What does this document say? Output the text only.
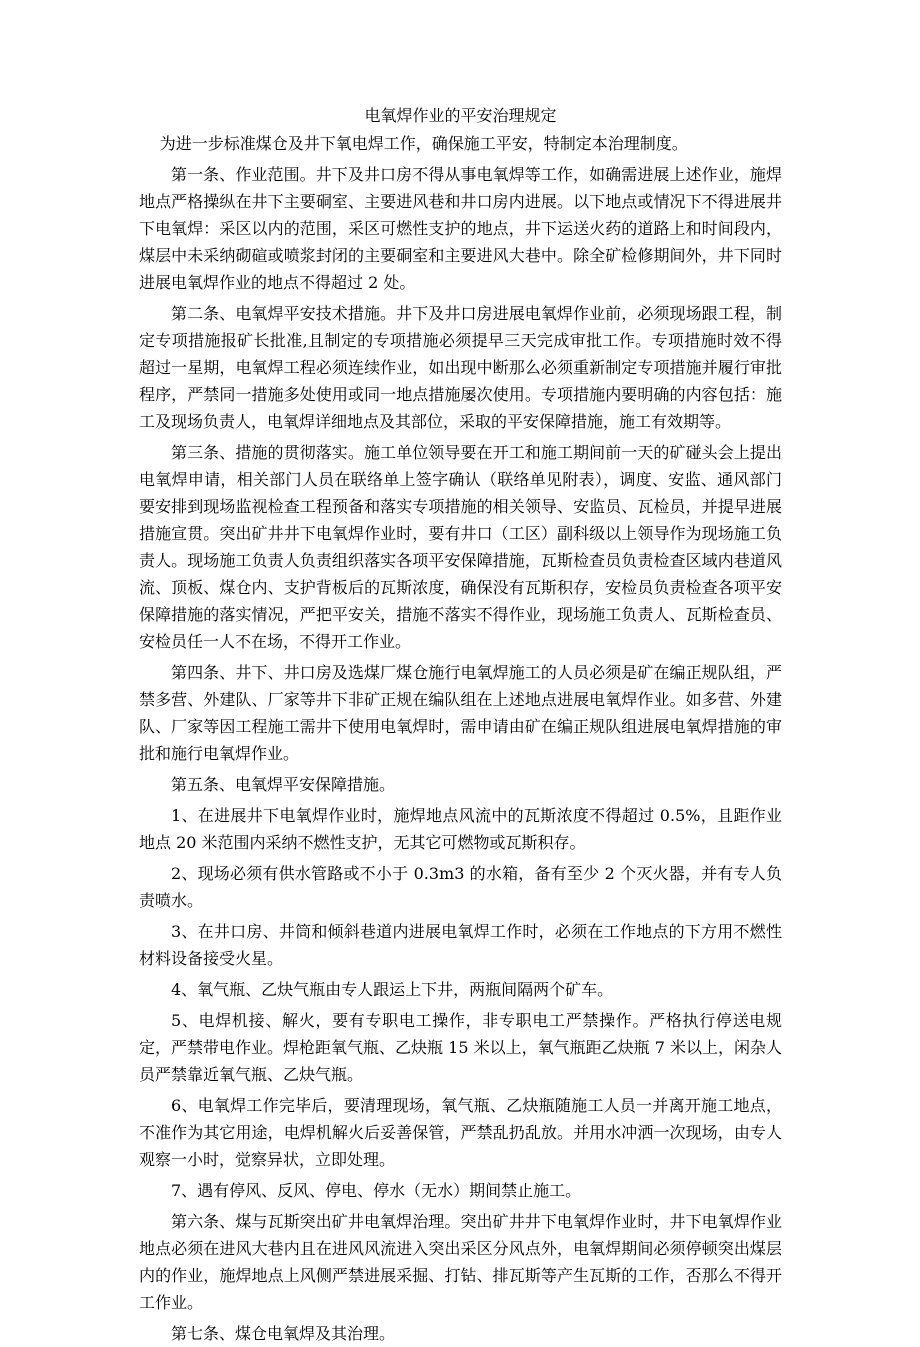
电氧焊作业的平安治理规定

为进一步标准煤仓及井下氧电焊工作，确保施工平安，特制定本治理制度。

第一条、作业范围。井下及井口房不得从事电氧焊等工作，如确需进展上述作业，施焊地点严格操纵在井下主要硐室、主要进风巷和井口房内进展。以下地点或情况下不得进展井下电氧焊：采区以内的范围，采区可燃性支护的地点，井下运送火药的道路上和时间段内，煤层中未采纳砌碹或喷浆封闭的主要硐室和主要进风大巷中。除全矿检修期间外，井下同时进展电氧焊作业的地点不得超过 2 处。

第二条、电氧焊平安技术措施。井下及井口房进展电氧焊作业前，必须现场跟工程，制定专项措施报矿长批准,且制定的专项措施必须提早三天完成审批工作。专项措施时效不得超过一星期，电氧焊工程必须连续作业，如出现中断那么必须重新制定专项措施并履行审批程序，严禁同一措施多处使用或同一地点措施屡次使用。专项措施内要明确的内容包括：施工及现场负责人，电氧焊详细地点及其部位，采取的平安保障措施，施工有效期等。

第三条、措施的贯彻落实。施工单位领导要在开工和施工期间前一天的矿碰头会上提出电氧焊申请，相关部门人员在联络单上签字确认（联络单见附表），调度、安监、通风部门要安排到现场监视检查工程预备和落实专项措施的相关领导、安监员、瓦检员，并提早进展措施宣贯。突出矿井井下电氧焊作业时，要有井口（工区）副科级以上领导作为现场施工负责人。现场施工负责人负责组织落实各项平安保障措施，瓦斯检查员负责检查区域内巷道风流、顶板、煤仓内、支护背板后的瓦斯浓度，确保没有瓦斯积存，安检员负责检查各项平安保障措施的落实情况，严把平安关，措施不落实不得作业，现场施工负责人、瓦斯检查员、安检员任一人不在场，不得开工作业。

第四条、井下、井口房及选煤厂煤仓施行电氧焊施工的人员必须是矿在编正规队组，严禁多营、外建队、厂家等井下非矿正规在编队组在上述地点进展电氧焊作业。如多营、外建队、厂家等因工程施工需井下使用电氧焊时，需申请由矿在编正规队组进展电氧焊措施的审批和施行电氧焊作业。

第五条、电氧焊平安保障措施。

1、在进展井下电氧焊作业时，施焊地点风流中的瓦斯浓度不得超过 0.5%，且距作业地点 20 米范围内采纳不燃性支护，无其它可燃物或瓦斯积存。

2、现场必须有供水管路或不小于 0.3m3 的水箱，备有至少 2 个灭火器，并有专人负责喷水。

3、在井口房、井筒和倾斜巷道内进展电氧焊工作时，必须在工作地点的下方用不燃性材料设备接受火星。

4、氧气瓶、乙炔气瓶由专人跟运上下井，两瓶间隔两个矿车。

5、电焊机接、解火，要有专职电工操作，非专职电工严禁操作。严格执行停送电规定，严禁带电作业。焊枪距氧气瓶、乙炔瓶 15 米以上，氧气瓶距乙炔瓶 7 米以上，闲杂人员严禁靠近氧气瓶、乙炔气瓶。

6、电氧焊工作完毕后，要清理现场，氧气瓶、乙炔瓶随施工人员一并离开施工地点，不准作为其它用途，电焊机解火后妥善保管，严禁乱扔乱放。并用水冲洒一次现场，由专人观察一小时，觉察异状，立即处理。

7、遇有停风、反风、停电、停水（无水）期间禁止施工。

第六条、煤与瓦斯突出矿井电氧焊治理。突出矿井井下电氧焊作业时，井下电氧焊作业地点必须在进风大巷内且在进风风流进入突出采区分风点外，电氧焊期间必须停顿突出煤层内的作业，施焊地点上风侧严禁进展采掘、打钻、排瓦斯等产生瓦斯的工作，否那么不得开工作业。

第七条、煤仓电氧焊及其治理。
